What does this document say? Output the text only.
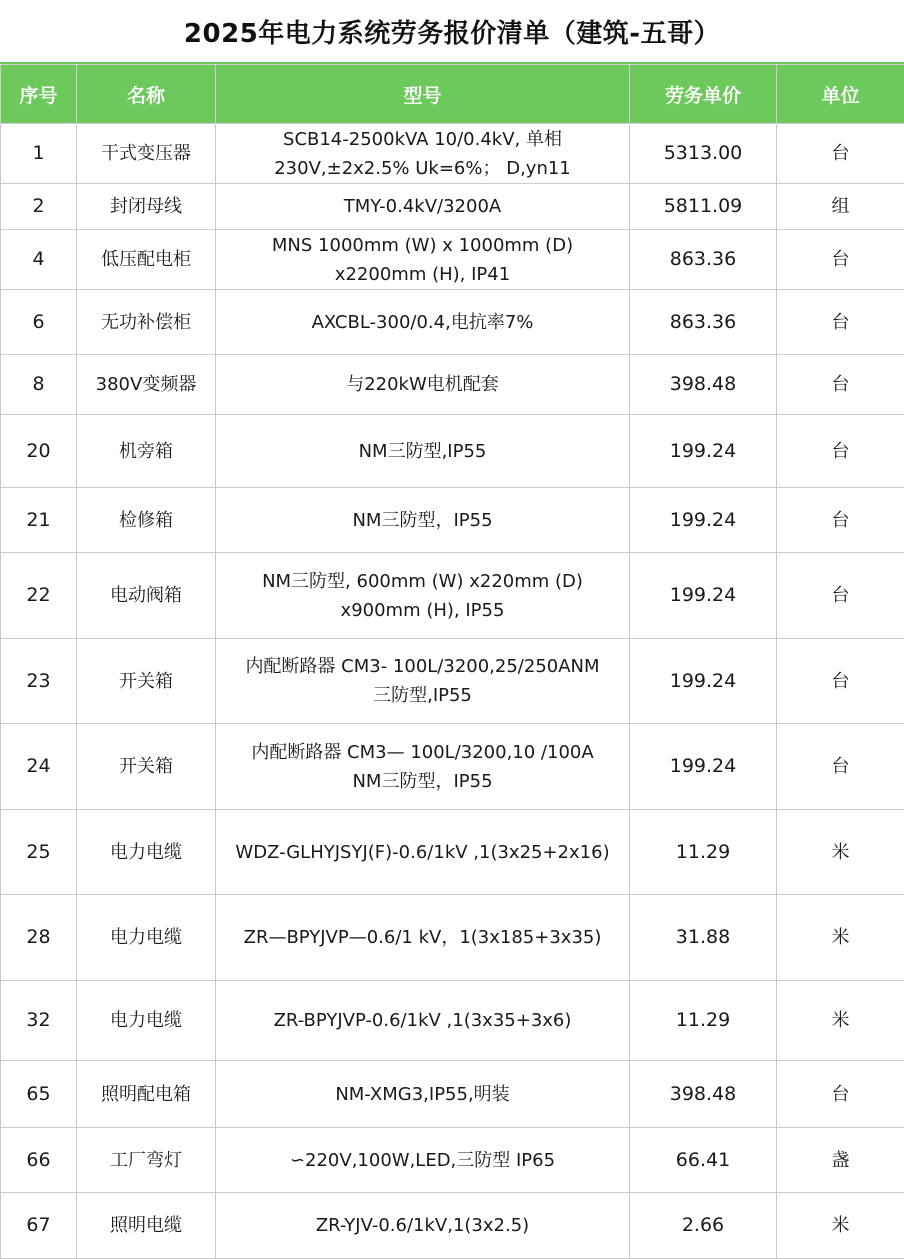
2025年电力系统劳务报价清单（建筑-五哥）
序号	名称	型号	劳务单价	单位
1	干式变压器	SCB14-2500kVA 10/0.4kV, 单相
230V,±2x2.5% Uk=6%； D,yn11	5313.00	台
2	封闭母线	TMY-0.4kV/3200A	5811.09	组
4	低压配电柜	MNS 1000mm (W) x 1000mm (D)
x2200mm (H), IP41	863.36	台
6	无功补偿柜	AXCBL-300/0.4,电抗率7%	863.36	台
8	380V变频器	与220kW电机配套	398.48	台
20	机旁箱	NM三防型,IP55	199.24	台
21	检修箱	NM三防型，IP55	199.24	台
22	电动阀箱	NM三防型, 600mm (W) x220mm (D)
x900mm (H), IP55	199.24	台
23	开关箱	内配断路器 CM3- 100L/3200,25/250ANM
三防型,IP55	199.24	台
24	开关箱	内配断路器 CM3— 100L/3200,10 /100A
NM三防型，IP55	199.24	台
25	电力电缆	WDZ-GLHYJSYJ(F)-0.6/1kV ,1(3x25+2x16)	11.29	米
28	电力电缆	ZR—BPYJVP—0.6/1 kV，1(3x185+3x35)	31.88	米
32	电力电缆	ZR-BPYJVP-0.6/1kV ,1(3x35+3x6)	11.29	米
65	照明配电箱	NM-XMG3,IP55,明装	398.48	台
66	工厂弯灯	∽220V,100W,LED,三防型 IP65	66.41	盏
67	照明电缆	ZR-YJV-0.6/1kV,1(3x2.5)	2.66	米
